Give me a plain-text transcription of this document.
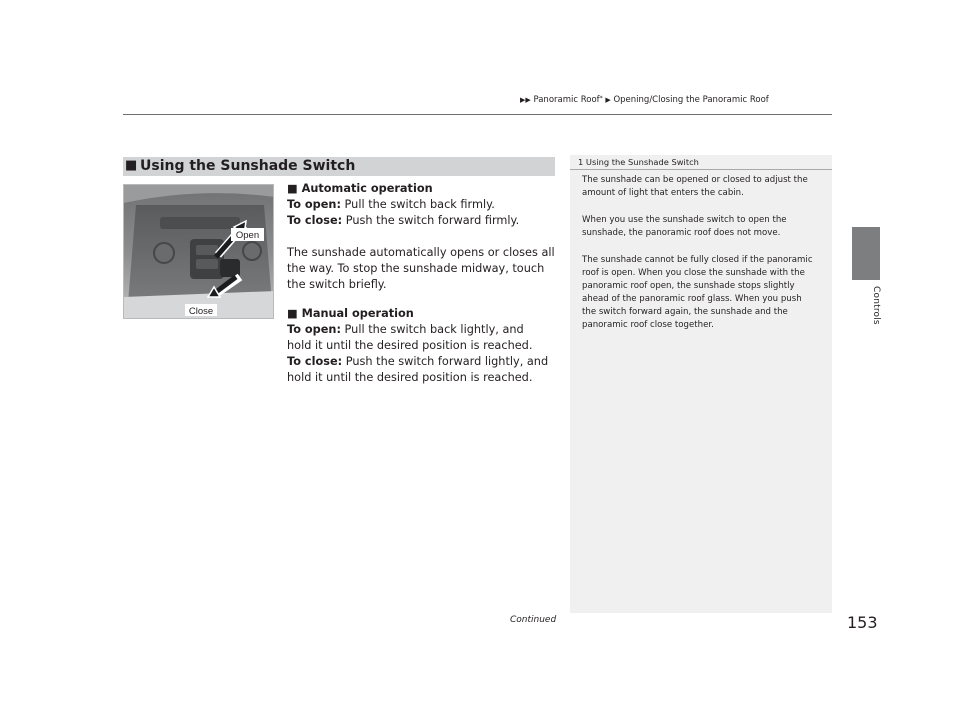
▶▶ Panoramic Roof* ▶ Opening/Closing the Panoramic Roof
Controls
■ Using the Sunshade Switch
Open
Close
■ Automatic operation
To open: Pull the switch back firmly.
To close: Push the switch forward firmly.
The sunshade automatically opens or closes all
the way. To stop the sunshade midway, touch
the switch briefly.
■ Manual operation
To open: Pull the switch back lightly, and
hold it until the desired position is reached.
To close: Push the switch forward lightly, and
hold it until the desired position is reached.
1 Using the Sunshade Switch
The sunshade can be opened or closed to adjust the
amount of light that enters the cabin.
When you use the sunshade switch to open the
sunshade, the panoramic roof does not move.
The sunshade cannot be fully closed if the panoramic
roof is open. When you close the sunshade with the
panoramic roof open, the sunshade stops slightly
ahead of the panoramic roof glass. When you push
the switch forward again, the sunshade and the
panoramic roof close together.
Continued	153
